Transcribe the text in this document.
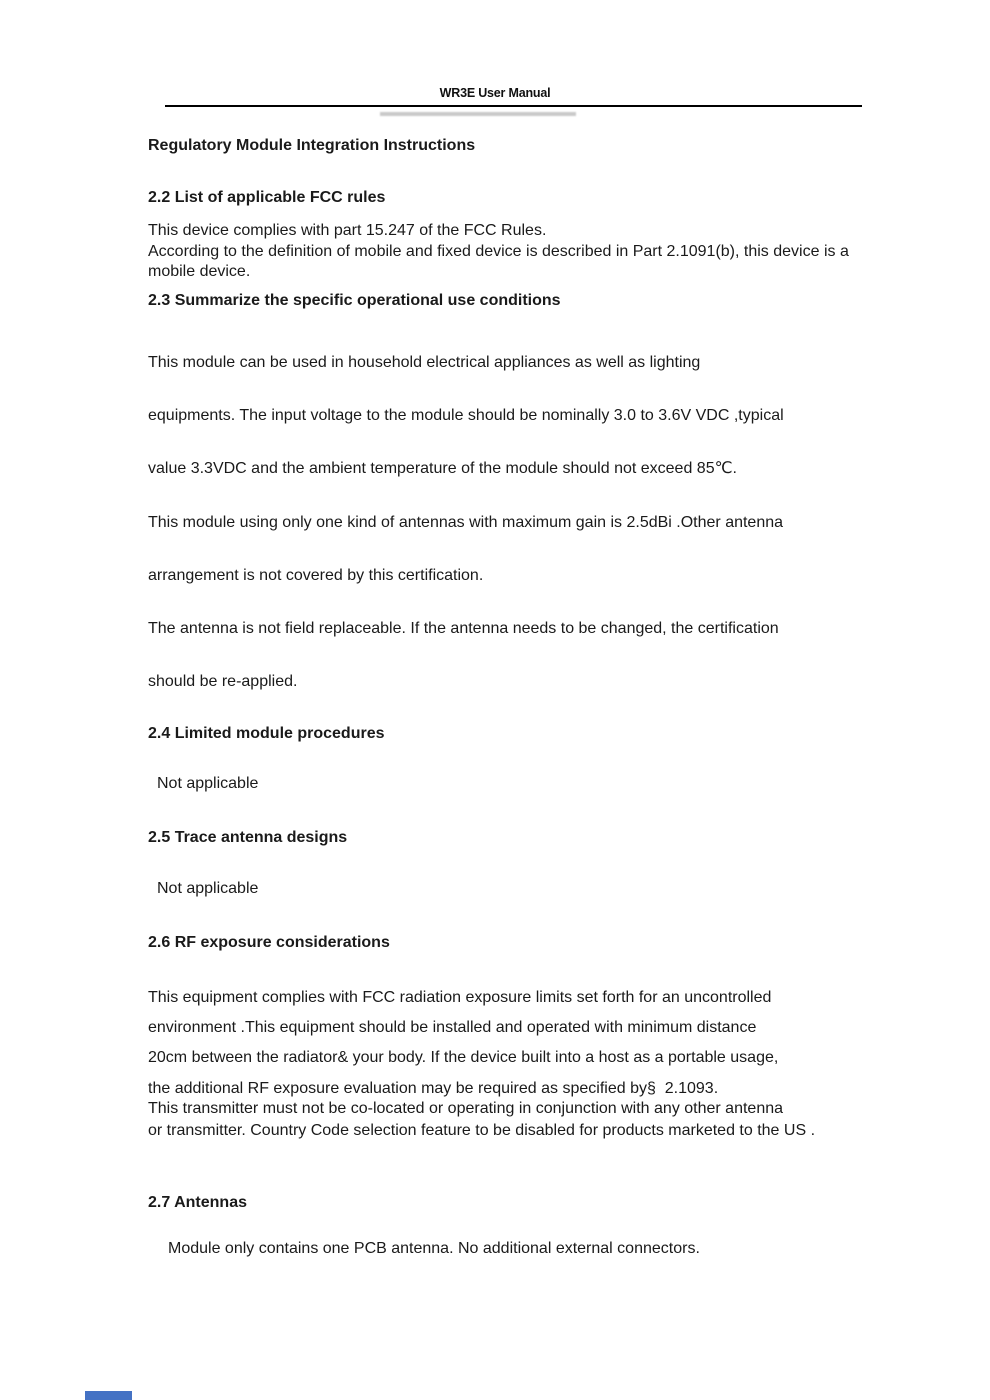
WR3E User Manual
Regulatory Module Integration Instructions
2.2 List of applicable FCC rules
This device complies with part 15.247 of the FCC Rules.
According to the definition of mobile and fixed device is described in Part 2.1091(b), this device is a
mobile device.
2.3 Summarize the specific operational use conditions
This module can be used in household electrical appliances as well as lighting
equipments. The input voltage to the module should be nominally 3.0 to 3.6V VDC ,typical
value 3.3VDC and the ambient temperature of the module should not exceed 85℃.
This module using only one kind of antennas with maximum gain is 2.5dBi .Other antenna
arrangement is not covered by this certification.
The antenna is not field replaceable. If the antenna needs to be changed, the certification
should be re-applied.
2.4 Limited module procedures
Not applicable
2.5 Trace antenna designs
Not applicable
2.6 RF exposure considerations
This equipment complies with FCC radiation exposure limits set forth for an uncontrolled
environment .This equipment should be installed and operated with minimum distance
20cm between the radiator& your body. If the device built into a host as a portable usage,
the additional RF exposure evaluation may be required as specified by§  2.1093.
This transmitter must not be co-located or operating in conjunction with any other antenna
or transmitter. Country Code selection feature to be disabled for products marketed to the US .
2.7 Antennas
Module only contains one PCB antenna. No additional external connectors.
